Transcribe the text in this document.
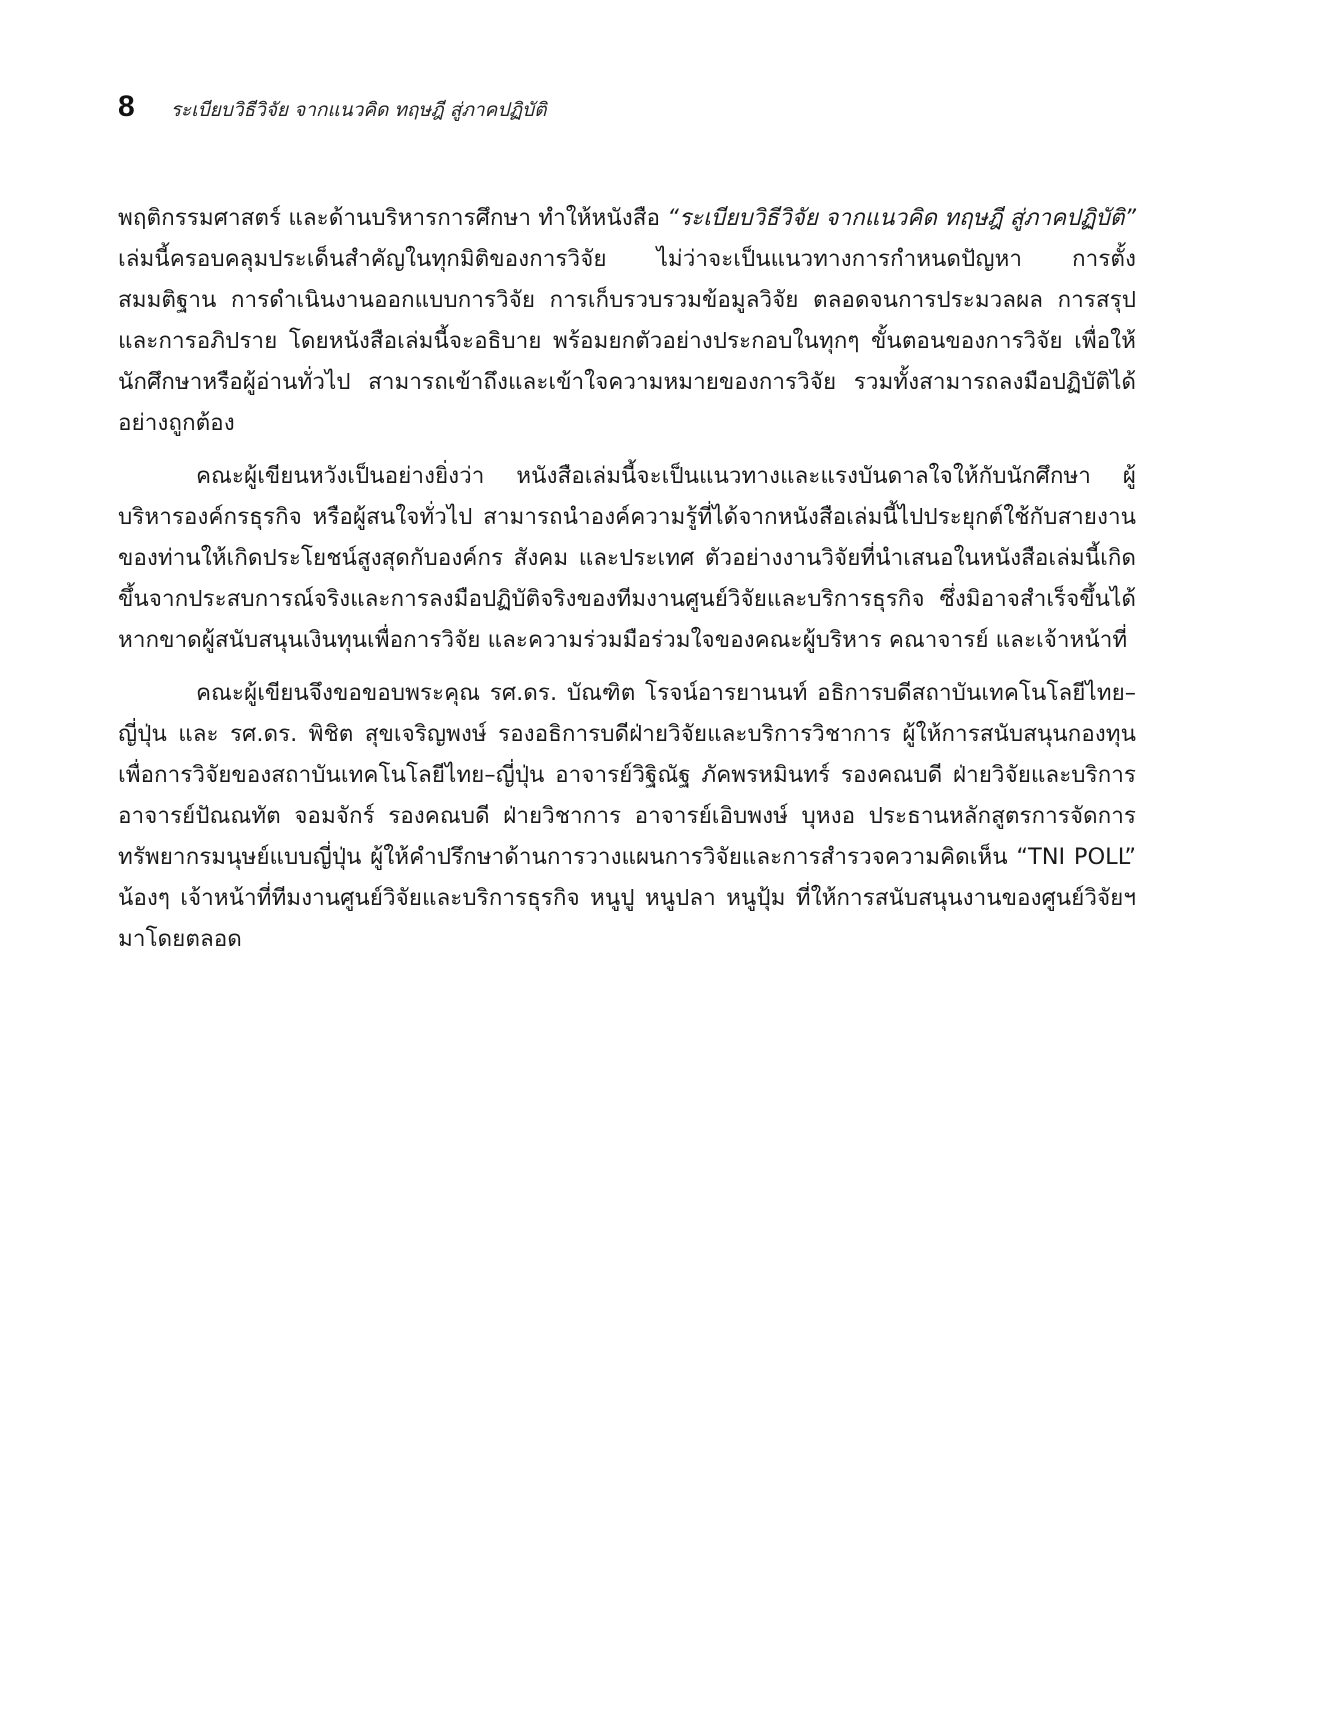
8 ระเบียบวิธีวิจัย จากแนวคิด ทฤษฎี สู่ภาคปฏิบัติ

พฤติกรรมศาสตร์ และด้านบริหารการศึกษา ทำให้หนังสือ “ระเบียบวิธีวิจัย จากแนวคิด ทฤษฎี สู่ภาคปฏิบัติ” เล่มนี้ครอบคลุมประเด็นสำคัญในทุกมิติของการวิจัย ไม่ว่าจะเป็นแนวทางการกำหนดปัญหา การตั้งสมมติฐาน การดำเนินงานออกแบบการวิจัย การเก็บรวบรวมข้อมูลวิจัย ตลอดจนการประมวลผล การสรุป และการอภิปราย โดยหนังสือเล่มนี้จะอธิบาย พร้อมยกตัวอย่างประกอบในทุกๆ ขั้นตอนของการวิจัย เพื่อให้นักศึกษาหรือผู้อ่านทั่วไป สามารถเข้าถึงและเข้าใจความหมายของการวิจัย รวมทั้งสามารถลงมือปฏิบัติได้อย่างถูกต้อง

คณะผู้เขียนหวังเป็นอย่างยิ่งว่า หนังสือเล่มนี้จะเป็นแนวทางและแรงบันดาลใจให้กับนักศึกษา ผู้บริหารองค์กรธุรกิจ หรือผู้สนใจทั่วไป สามารถนำองค์ความรู้ที่ได้จากหนังสือเล่มนี้ไปประยุกต์ใช้กับสายงานของท่านให้เกิดประโยชน์สูงสุดกับองค์กร สังคม และประเทศ ตัวอย่างงานวิจัยที่นำเสนอในหนังสือเล่มนี้เกิดขึ้นจากประสบการณ์จริงและการลงมือปฏิบัติจริงของทีมงานศูนย์วิจัยและบริการธุรกิจ ซึ่งมิอาจสำเร็จขึ้นได้หากขาดผู้สนับสนุนเงินทุนเพื่อการวิจัย และความร่วมมือร่วมใจของคณะผู้บริหาร คณาจารย์ และเจ้าหน้าที่

คณะผู้เขียนจึงขอขอบพระคุณ รศ.ดร. บัณฑิต โรจน์อารยานนท์ อธิการบดีสถาบันเทคโนโลยีไทย–ญี่ปุ่น และ รศ.ดร. พิชิต สุขเจริญพงษ์ รองอธิการบดีฝ่ายวิจัยและบริการวิชาการ ผู้ให้การสนับสนุนกองทุนเพื่อการวิจัยของสถาบันเทคโนโลยีไทย–ญี่ปุ่น อาจารย์วิฐิณัฐ ภัคพรหมินทร์ รองคณบดี ฝ่ายวิจัยและบริการ อาจารย์ปัณณทัต จอมจักร์ รองคณบดี ฝ่ายวิชาการ อาจารย์เอิบพงษ์ บุหงอ ประธานหลักสูตรการจัดการทรัพยากรมนุษย์แบบญี่ปุ่น ผู้ให้คำปรึกษาด้านการวางแผนการวิจัยและการสำรวจความคิดเห็น “TNI POLL” น้องๆ เจ้าหน้าที่ทีมงานศูนย์วิจัยและบริการธุรกิจ หนูปู หนูปลา หนูปุ้ม ที่ให้การสนับสนุนงานของศูนย์วิจัยฯ มาโดยตลอด
